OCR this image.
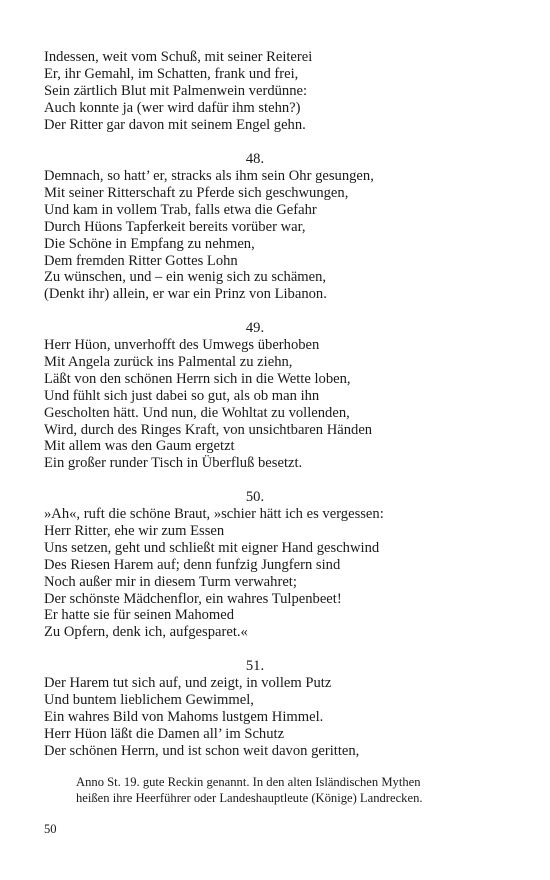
Indessen, weit vom Schuß, mit seiner Reiterei
Er, ihr Gemahl, im Schatten, frank und frei,
Sein zärtlich Blut mit Palmenwein verdünne:
Auch konnte ja (wer wird dafür ihm stehn?)
Der Ritter gar davon mit seinem Engel gehn.
48.
Demnach, so hatt’ er, stracks als ihm sein Ohr gesungen,
Mit seiner Ritterschaft zu Pferde sich geschwungen,
Und kam in vollem Trab, falls etwa die Gefahr
Durch Hüons Tapferkeit bereits vorüber war,
Die Schöne in Empfang zu nehmen,
Dem fremden Ritter Gottes Lohn
Zu wünschen, und – ein wenig sich zu schämen,
(Denkt ihr) allein, er war ein Prinz von Libanon.
49.
Herr Hüon, unverhofft des Umwegs überhoben
Mit Angela zurück ins Palmental zu ziehn,
Läßt von den schönen Herrn sich in die Wette loben,
Und fühlt sich just dabei so gut, als ob man ihn
Gescholten hätt. Und nun, die Wohltat zu vollenden,
Wird, durch des Ringes Kraft, von unsichtbaren Händen
Mit allem was den Gaum ergetzt
Ein großer runder Tisch in Überfluß besetzt.
50.
»Ah«, ruft die schöne Braut, »schier hätt ich es vergessen:
Herr Ritter, ehe wir zum Essen
Uns setzen, geht und schließt mit eigner Hand geschwind
Des Riesen Harem auf; denn funfzig Jungfern sind
Noch außer mir in diesem Turm verwahret;
Der schönste Mädchenflor, ein wahres Tulpenbeet!
Er hatte sie für seinen Mahomed
Zu Opfern, denk ich, aufgesparet.«
51.
Der Harem tut sich auf, und zeigt, in vollem Putz
Und buntem lieblichem Gewimmel,
Ein wahres Bild von Mahoms lustgem Himmel.
Herr Hüon läßt die Damen all’ im Schutz
Der schönen Herrn, und ist schon weit davon geritten,
Anno St. 19. gute Reckin genannt. In den alten Isländischen Mythen
heißen ihre Heerführer oder Landeshauptleute (Könige) Landrecken.
50
